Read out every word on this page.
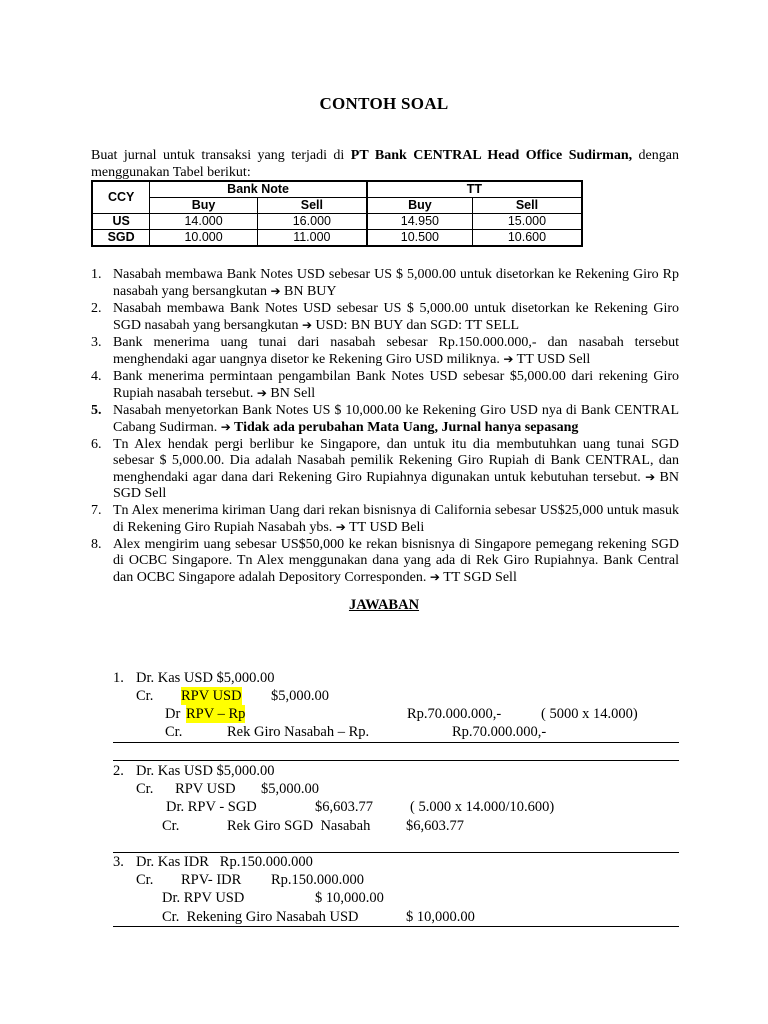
CONTOH SOAL
Buat jurnal untuk transaksi yang terjadi di PT Bank CENTRAL Head Office Sudirman, dengan menggunakan Tabel berikut:
CCY	Bank Note		TT	
	Buy	Sell	Buy	Sell
US	14.000	16.000	14.950	15.000
SGD	10.000	11.000	10.500	10.600
1. Nasabah membawa Bank Notes USD sebesar US $ 5,000.00 untuk disetorkan ke Rekening Giro Rp nasabah yang bersangkutan ➔ BN BUY
2. Nasabah membawa Bank Notes USD sebesar US $ 5,000.00 untuk disetorkan ke Rekening Giro SGD nasabah yang bersangkutan ➔ USD: BN BUY dan SGD: TT SELL
3. Bank menerima uang tunai dari nasabah sebesar Rp.150.000.000,- dan nasabah tersebut menghendaki agar uangnya disetor ke Rekening Giro USD miliknya. ➔ TT USD Sell
4. Bank menerima permintaan pengambilan Bank Notes USD sebesar $5,000.00 dari rekening Giro Rupiah nasabah tersebut. ➔ BN Sell
5. Nasabah menyetorkan Bank Notes US $ 10,000.00 ke Rekening Giro USD nya di Bank CENTRAL Cabang Sudirman. ➔ Tidak ada perubahan Mata Uang, Jurnal hanya sepasang
6. Tn Alex hendak pergi berlibur ke Singapore, dan untuk itu dia membutuhkan uang tunai SGD sebesar $ 5,000.00. Dia adalah Nasabah pemilik Rekening Giro Rupiah di Bank CENTRAL, dan menghendaki agar dana dari Rekening Giro Rupiahnya digunakan untuk kebutuhan tersebut. ➔ BN SGD Sell
7. Tn Alex menerima kiriman Uang dari rekan bisnisnya di California sebesar US$25,000 untuk masuk di Rekening Giro Rupiah Nasabah ybs. ➔ TT USD Beli
8. Alex mengirim uang sebesar US$50,000 ke rekan bisnisnya di Singapore pemegang rekening SGD di OCBC Singapore. Tn Alex menggunakan dana yang ada di Rek Giro Rupiahnya. Bank Central dan OCBC Singapore adalah Depository Corresponden. ➔ TT SGD Sell
JAWABAN
1. Dr. Kas USD $5,000.00
Cr. RPV USD $5,000.00
Dr RPV – Rp	Rp.70.000.000,-	( 5000 x 14.000)
Cr.	Rek Giro Nasabah – Rp.	Rp.70.000.000,-
2. Dr. Kas USD $5,000.00
Cr.      RPV USD       $5,000.00
Dr. RPV - SGD	$6,603.77	( 5.000 x 14.000/10.600)
Cr.	Rek Giro SGD  Nasabah $6,603.77
3. Dr. Kas IDR   Rp.150.000.000
Cr. RPV- IDR Rp.150.000.000
Dr. RPV USD	$ 10,000.00
Cr.  Rekening Giro Nasabah USD	$ 10,000.00
